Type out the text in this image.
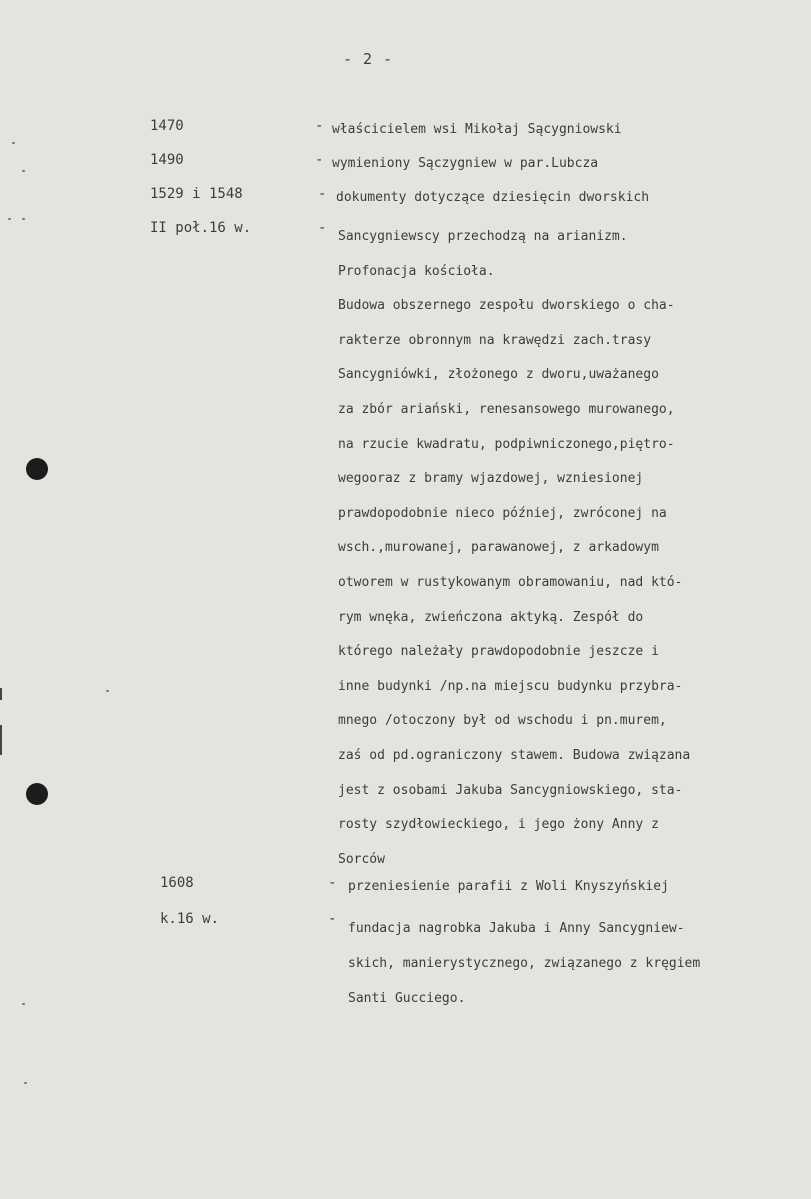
- 2 -
1470	- właścicielem wsi Mikołaj Sącygniowski
1490	- wymieniony Sączygniew w par.Lubcza
1529 i 1548	- dokumenty dotyczące dziesięcin dworskich
II poł.16 w.	-
Sancygniewscy przechodzą na arianizm.
Profonacja kościoła.
Budowa obszernego zespołu dworskiego o cha-
rakterze obronnym na krawędzi zach.trasy
Sancygniówki, złożonego z dworu,uważanego
za zbór ariański, renesansowego murowanego,
na rzucie kwadratu, podpiwniczonego,piętro-
wegooraz z bramy wjazdowej, wzniesionej
prawdopodobnie nieco później, zwróconej na
wsch.,murowanej, parawanowej, z arkadowym
otworem w rustykowanym obramowaniu, nad któ-
rym wnęka, zwieńczona aktyką. Zespół do
którego należały prawdopodobnie jeszcze i
inne budynki /np.na miejscu budynku przybra-
mnego /otoczony był od wschodu i pn.murem,
zaś od pd.ograniczony stawem. Budowa związana
jest z osobami Jakuba Sancygniowskiego, sta-
rosty szydłowieckiego, i jego żony Anny z
Sorców
1608	- przeniesienie parafii z Woli Knyszyńskiej
k.16 w.	-
fundacja nagrobka Jakuba i Anny Sancygniew-
skich, manierystycznego, związanego z kręgiem
Santi Gucciego.
